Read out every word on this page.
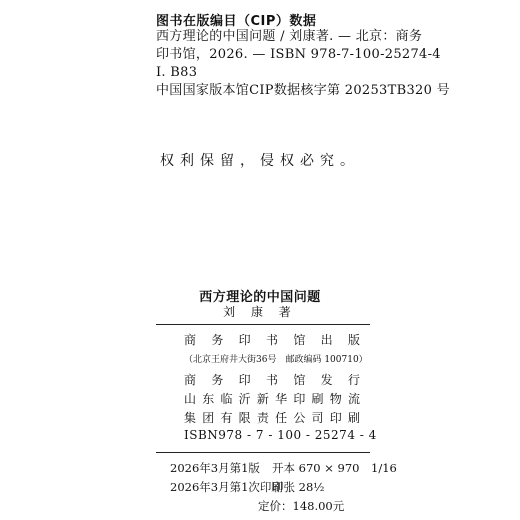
图书在版编目（CIP）数据
西方理论的中国问题 / 刘康著. — 北京：商务
印书馆，2026. — ISBN 978-7-100-25274-4
Ⅰ. B83
中国国家版本馆CIP数据核字第 20253TB320 号
权利保留，侵权必究。
西方理论的中国问题
刘 康 著
商 务 印 书 馆 出 版
（北京王府井大街36号　邮政编码 100710）
商 务 印 书 馆 发 行
山 东 临 沂 新 华 印 刷 物 流
集 团 有 限 责 任 公 司 印 刷
ISBN 978 - 7 - 100 - 25274 - 4
2026年3月第1版 开本 670 × 970　1/16
2026年3月第1次印刷
印张 28½
定价：148.00元
